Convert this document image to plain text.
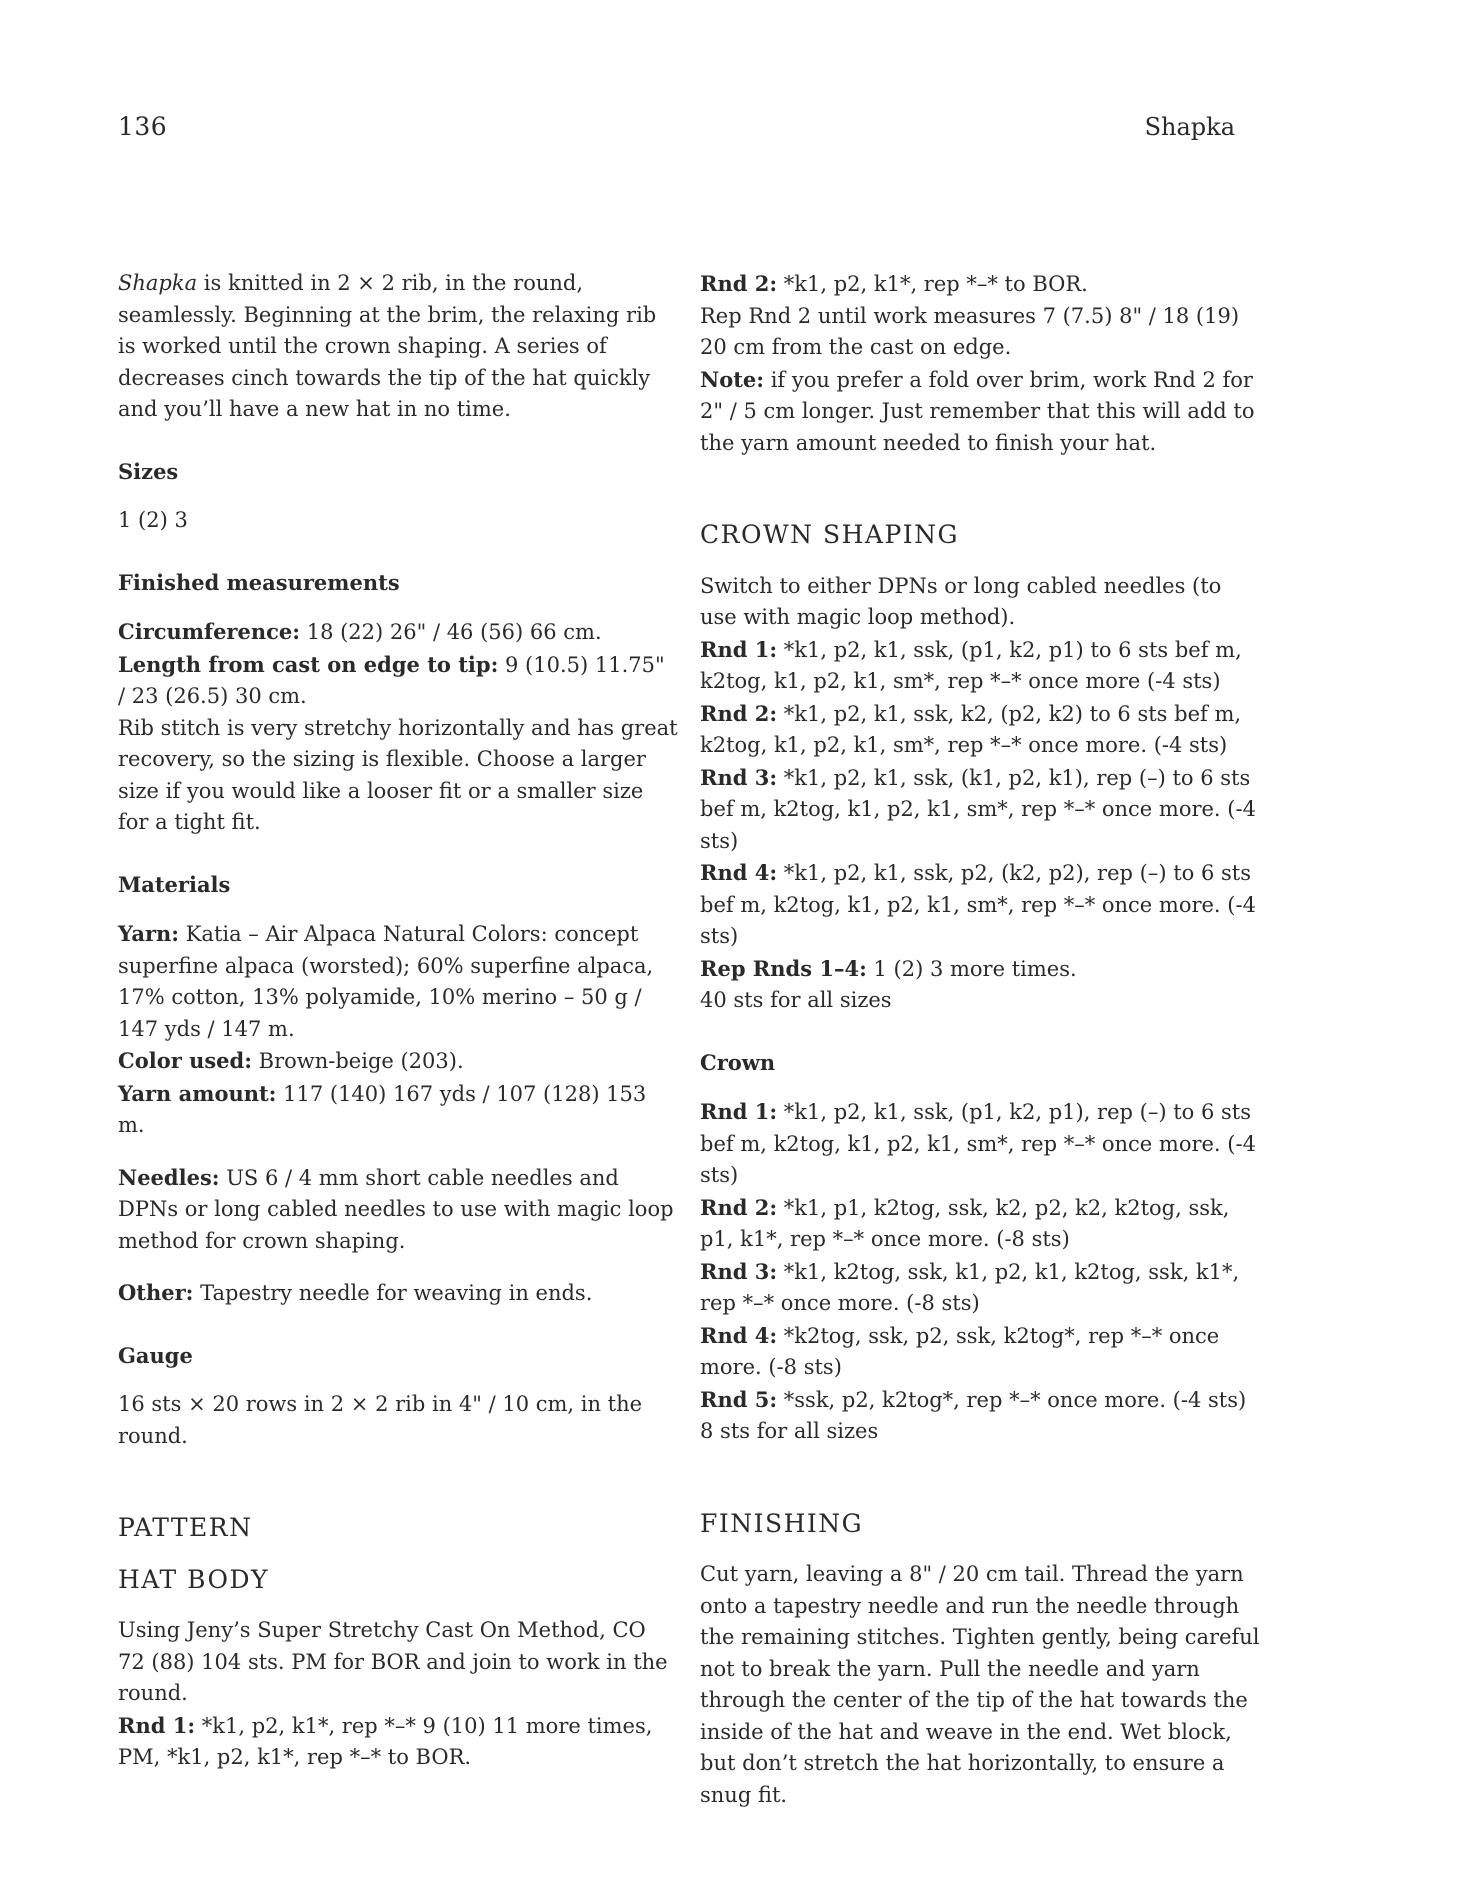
136	Shapka

Shapka is knitted in 2 × 2 rib, in the round, seamlessly. Beginning at the brim, the relaxing rib is worked until the crown shaping. A series of decreases cinch towards the tip of the hat quickly and you’ll have a new hat in no time.

Sizes

1 (2) 3

Finished measurements

Circumference: 18 (22) 26" / 46 (56) 66 cm.

Length from cast on edge to tip: 9 (10.5) 11.75" / 23 (26.5) 30 cm.

Rib stitch is very stretchy horizontally and has great recovery, so the sizing is flexible. Choose a larger size if you would like a looser fit or a smaller size for a tight fit.

Materials

Yarn: Katia – Air Alpaca Natural Colors: concept superfine alpaca (worsted); 60% superfine alpaca, 17% cotton, 13% polyamide, 10% merino – 50 g / 147 yds / 147 m.

Color used: Brown-beige (203).

Yarn amount: 117 (140) 167 yds / 107 (128) 153 m.

Needles: US 6 / 4 mm short cable needles and DPNs or long cabled needles to use with magic loop method for crown shaping.

Other: Tapestry needle for weaving in ends.

Gauge

16 sts × 20 rows in 2 × 2 rib in 4" / 10 cm, in the round.

PATTERN

HAT BODY

Using Jeny’s Super Stretchy Cast On Method, CO 72 (88) 104 sts. PM for BOR and join to work in the round.

Rnd 1: *k1, p2, k1*, rep *–* 9 (10) 11 more times, PM, *k1, p2, k1*, rep *–* to BOR.

Rnd 2: *k1, p2, k1*, rep *–* to BOR.

Rep Rnd 2 until work measures 7 (7.5) 8" / 18 (19) 20 cm from the cast on edge.

Note: if you prefer a fold over brim, work Rnd 2 for 2" / 5 cm longer. Just remember that this will add to the yarn amount needed to finish your hat.

CROWN SHAPING

Switch to either DPNs or long cabled needles (to use with magic loop method).

Rnd 1: *k1, p2, k1, ssk, (p1, k2, p1) to 6 sts bef m, k2tog, k1, p2, k1, sm*, rep *–* once more (-4 sts)

Rnd 2: *k1, p2, k1, ssk, k2, (p2, k2) to 6 sts bef m, k2tog, k1, p2, k1, sm*, rep *–* once more. (-4 sts)

Rnd 3: *k1, p2, k1, ssk, (k1, p2, k1), rep (–) to 6 sts bef m, k2tog, k1, p2, k1, sm*, rep *–* once more. (-4 sts)

Rnd 4: *k1, p2, k1, ssk, p2, (k2, p2), rep (–) to 6 sts bef m, k2tog, k1, p2, k1, sm*, rep *–* once more. (-4 sts)

Rep Rnds 1–4: 1 (2) 3 more times.

40 sts for all sizes

Crown

Rnd 1: *k1, p2, k1, ssk, (p1, k2, p1), rep (–) to 6 sts bef m, k2tog, k1, p2, k1, sm*, rep *–* once more. (-4 sts)

Rnd 2: *k1, p1, k2tog, ssk, k2, p2, k2, k2tog, ssk, p1, k1*, rep *–* once more. (-8 sts)

Rnd 3: *k1, k2tog, ssk, k1, p2, k1, k2tog, ssk, k1*, rep *–* once more. (-8 sts)

Rnd 4: *k2tog, ssk, p2, ssk, k2tog*, rep *–* once more. (-8 sts)

Rnd 5: *ssk, p2, k2tog*, rep *–* once more. (-4 sts)

8 sts for all sizes

FINISHING

Cut yarn, leaving a 8" / 20 cm tail. Thread the yarn onto a tapestry needle and run the needle through the remaining stitches. Tighten gently, being careful not to break the yarn. Pull the needle and yarn through the center of the tip of the hat towards the inside of the hat and weave in the end. Wet block, but don’t stretch the hat horizontally, to ensure a snug fit.
